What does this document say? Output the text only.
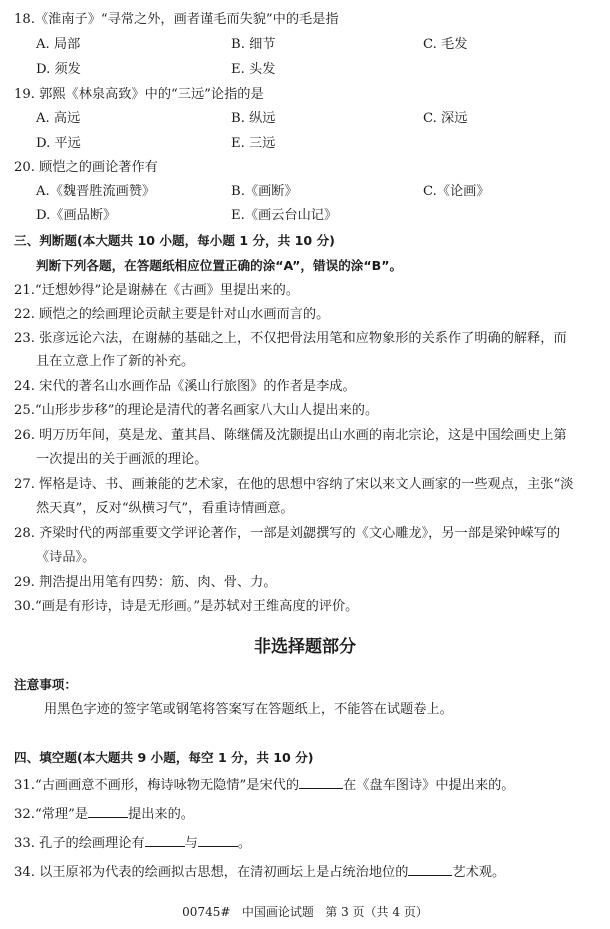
18.《淮南子》“寻常之外，画者谨毛而失貌”中的毛是指
A. 局部	B. 细节	C. 毛发
D. 须发	E. 头发
19. 郭熙《林泉高致》中的“三远”论指的是
A. 高远	B. 纵远	C. 深远
D. 平远	E. 三远
20. 顾恺之的画论著作有
A.《魏晋胜流画赞》	B.《画断》	C.《论画》
D.《画品断》	E.《画云台山记》
三、判断题(本大题共 10 小题，每小题 1 分，共 10 分)
判断下列各题，在答题纸相应位置正确的涂“A”，错误的涂“B”。
21.“迁想妙得”论是谢赫在《古画》里提出来的。
22. 顾恺之的绘画理论贡献主要是针对山水画而言的。
23. 张彦远论六法，在谢赫的基础之上，不仅把骨法用笔和应物象形的关系作了明确的解释，而
且在立意上作了新的补充。
24. 宋代的著名山水画作品《溪山行旅图》的作者是李成。
25.“山形步步移”的理论是清代的著名画家八大山人提出来的。
26. 明万历年间，莫是龙、董其昌、陈继儒及沈颢提出山水画的南北宗论，这是中国绘画史上第
一次提出的关于画派的理论。
27. 恽格是诗、书、画兼能的艺术家，在他的思想中容纳了宋以来文人画家的一些观点，主张“淡
然天真”，反对“纵横习气”，看重诗情画意。
28. 齐梁时代的两部重要文学评论著作，一部是刘勰撰写的《文心雕龙》，另一部是梁钟嵘写的
《诗品》。
29. 荆浩提出用笔有四势：筋、肉、骨、力。
30.“画是有形诗，诗是无形画。”是苏轼对王维高度的评价。
非选择题部分
注意事项：
用黑色字迹的签字笔或钢笔将答案写在答题纸上，不能答在试题卷上。
四、填空题(本大题共 9 小题，每空 1 分，共 10 分)
31.“古画画意不画形，梅诗咏物无隐情”是宋代的	在《盘车图诗》中提出来的。
32.“常理”是	提出来的。
33. 孔子的绘画理论有	与	。
34. 以王原祁为代表的绘画拟古思想，在清初画坛上是占统治地位的	艺术观。
00745#   中国画论试题   第 3 页（共 4 页）
